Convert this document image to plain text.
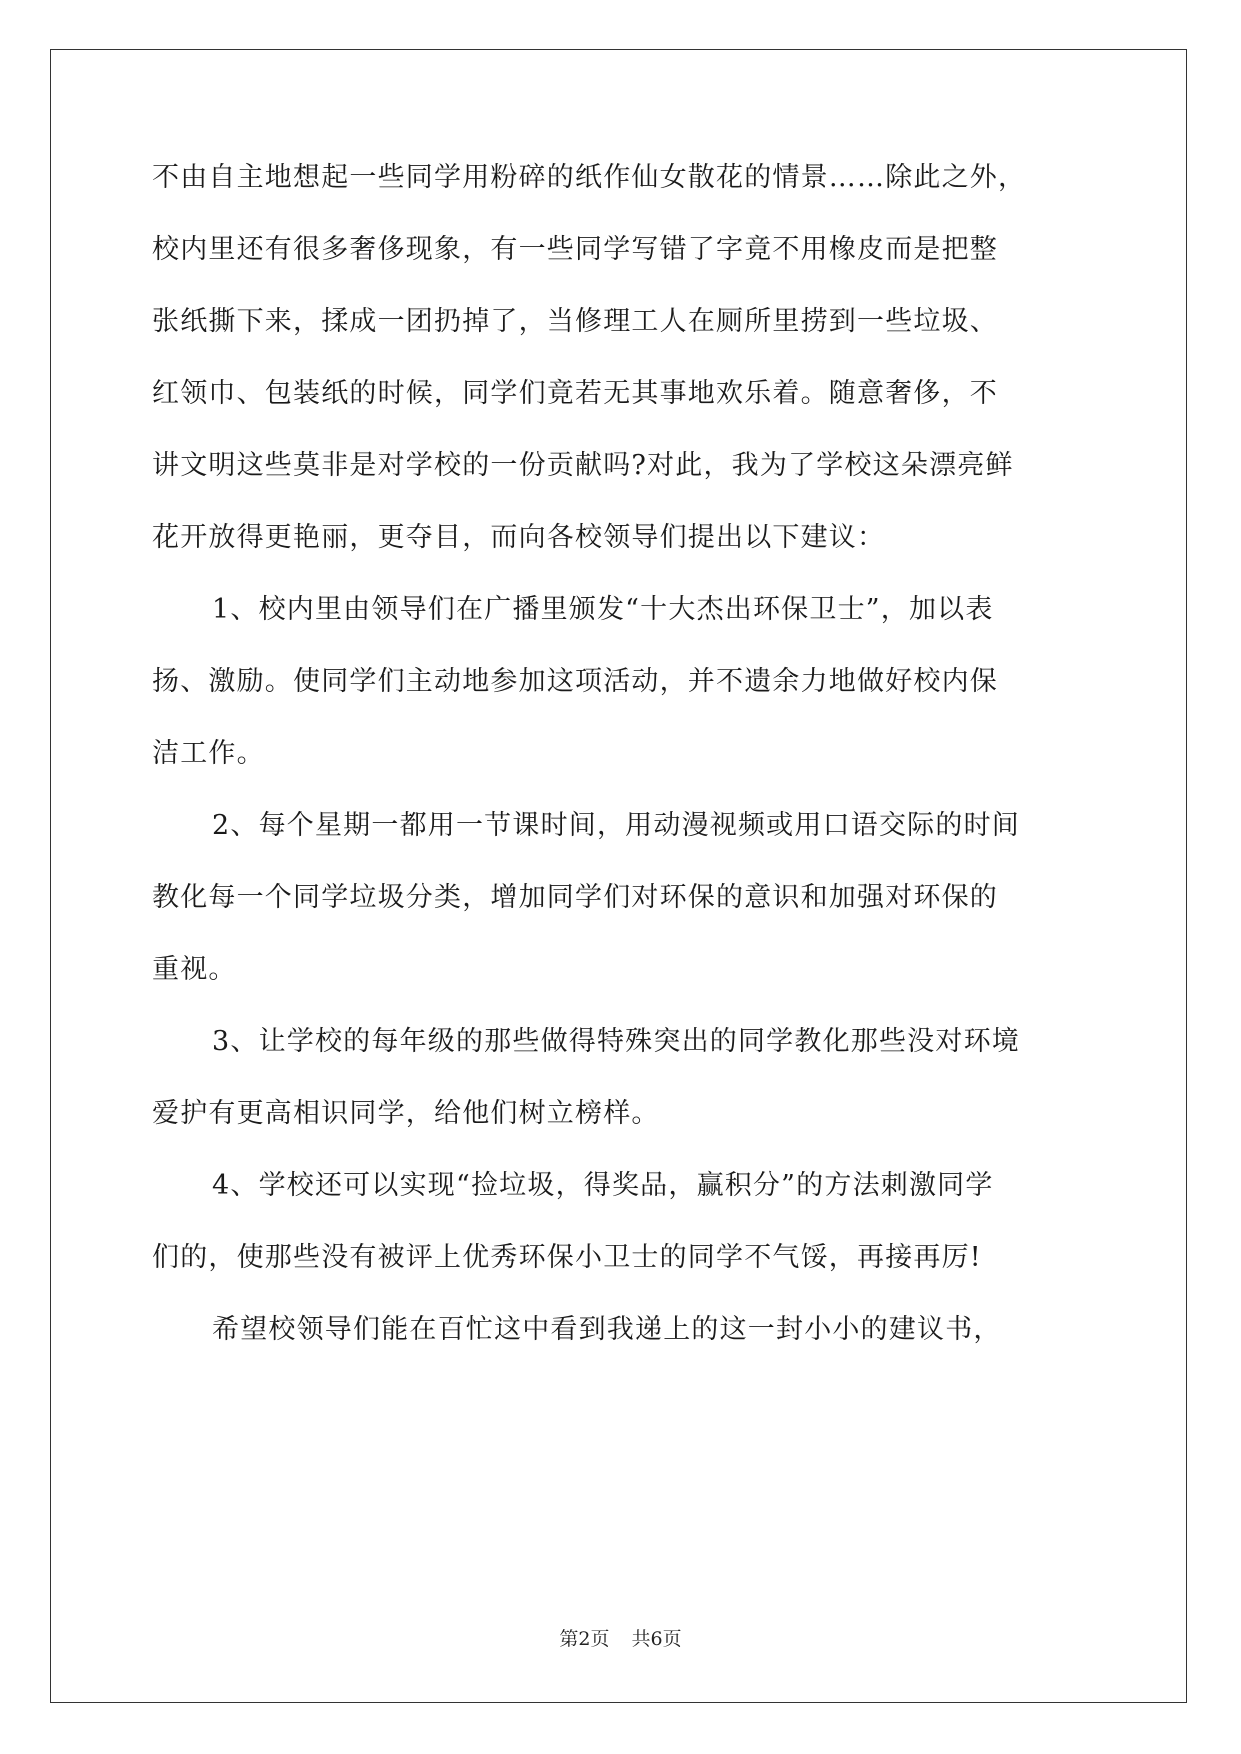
不由自主地想起一些同学用粉碎的纸作仙女散花的情景……除此之外，
校内里还有很多奢侈现象，有一些同学写错了字竟不用橡皮而是把整
张纸撕下来，揉成一团扔掉了，当修理工人在厕所里捞到一些垃圾、
红领巾、包装纸的时候，同学们竟若无其事地欢乐着。随意奢侈，不
讲文明这些莫非是对学校的一份贡献吗?对此，我为了学校这朵漂亮鲜
花开放得更艳丽，更夺目，而向各校领导们提出以下建议：
1、校内里由领导们在广播里颁发“十大杰出环保卫士”，加以表
扬、激励。使同学们主动地参加这项活动，并不遗余力地做好校内保
洁工作。
2、每个星期一都用一节课时间，用动漫视频或用口语交际的时间
教化每一个同学垃圾分类，增加同学们对环保的意识和加强对环保的
重视。
3、让学校的每年级的那些做得特殊突出的同学教化那些没对环境
爱护有更高相识同学，给他们树立榜样。
4、学校还可以实现“捡垃圾，得奖品，赢积分”的方法刺激同学
们的，使那些没有被评上优秀环保小卫士的同学不气馁，再接再厉!
希望校领导们能在百忙这中看到我递上的这一封小小的建议书，
第2页 共6页
